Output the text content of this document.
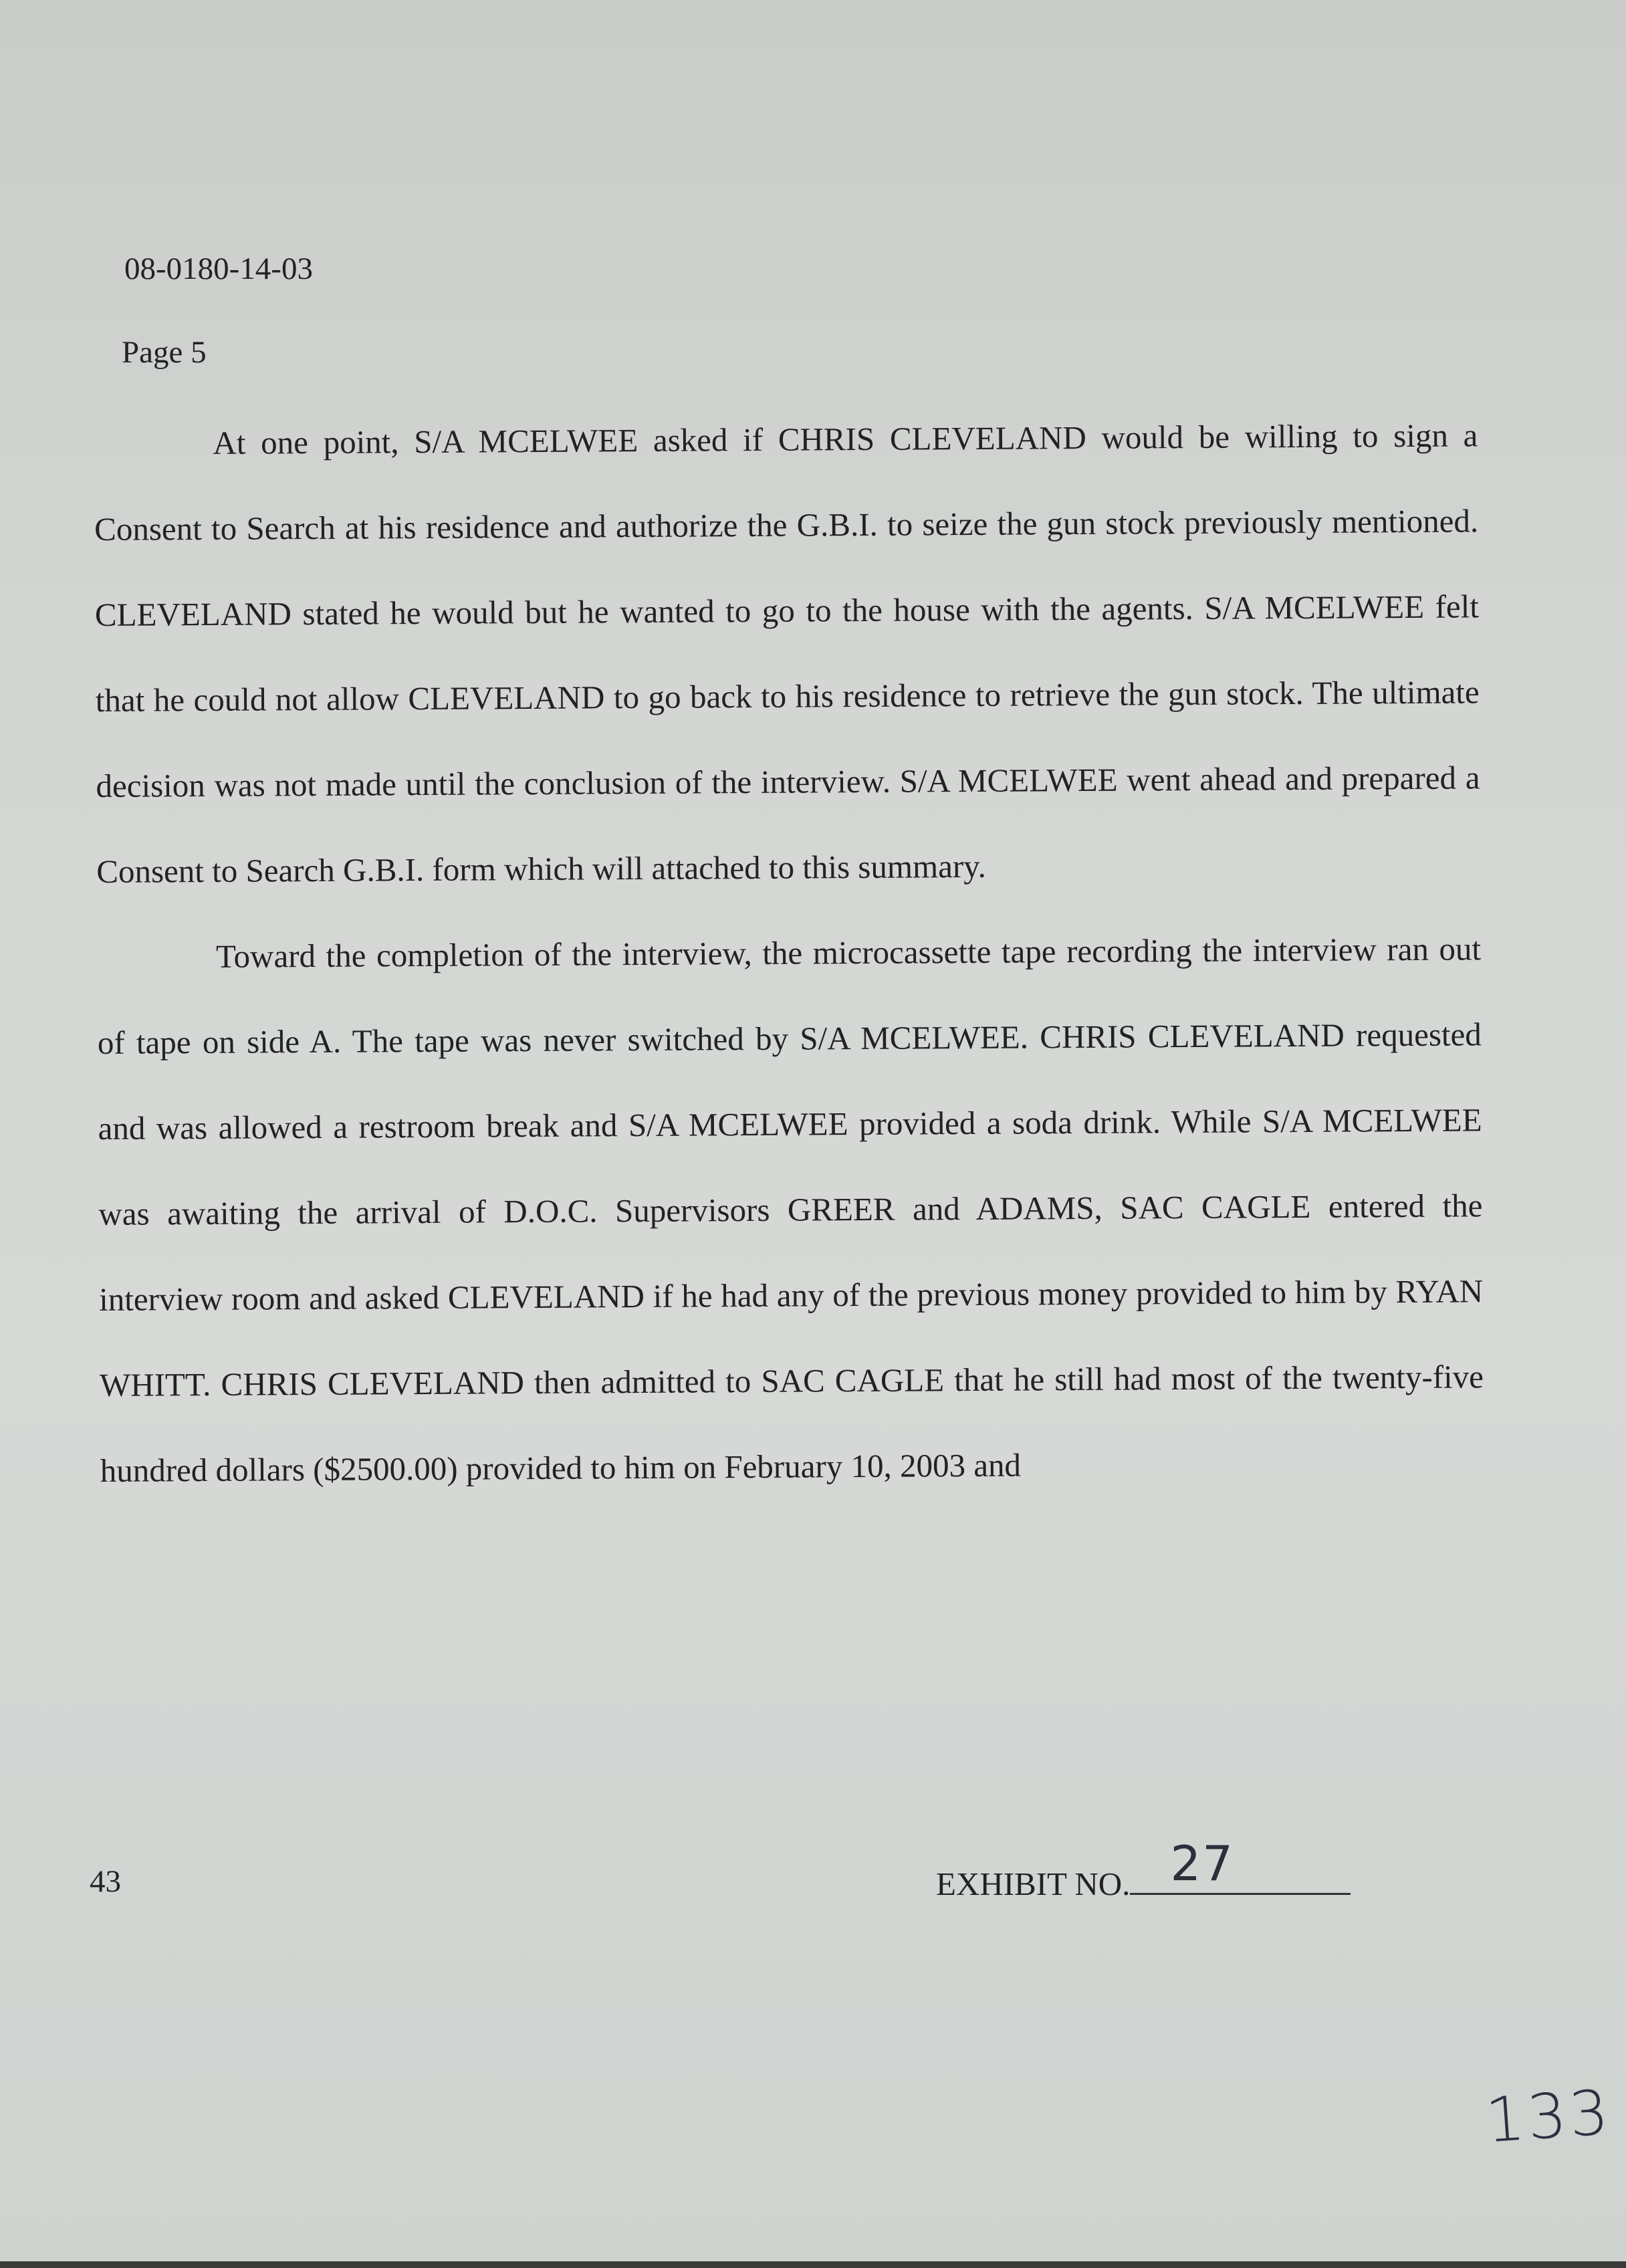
08-0180-14-03
Page 5

At one point, S/A MCELWEE asked if CHRIS CLEVELAND would be willing to sign a Consent to Search at his residence and authorize the G.B.I. to seize the gun stock previously mentioned. CLEVELAND stated he would but he wanted to go to the house with the agents. S/A MCELWEE felt that he could not allow CLEVELAND to go back to his residence to retrieve the gun stock. The ultimate decision was not made until the conclusion of the interview. S/A MCELWEE went ahead and prepared a Consent to Search G.B.I. form which will attached to this summary.

Toward the completion of the interview, the microcassette tape recording the interview ran out of tape on side A. The tape was never switched by S/A MCELWEE. CHRIS CLEVELAND requested and was allowed a restroom break and S/A MCELWEE provided a soda drink. While S/A MCELWEE was awaiting the arrival of D.O.C. Supervisors GREER and ADAMS, SAC CAGLE entered the interview room and asked CLEVELAND if he had any of the previous money provided to him by RYAN WHITT. CHRIS CLEVELAND then admitted to SAC CAGLE that he still had most of the twenty-five hundred dollars ($2500.00) provided to him on February 10, 2003 and

43	EXHIBIT NO. 27
133
